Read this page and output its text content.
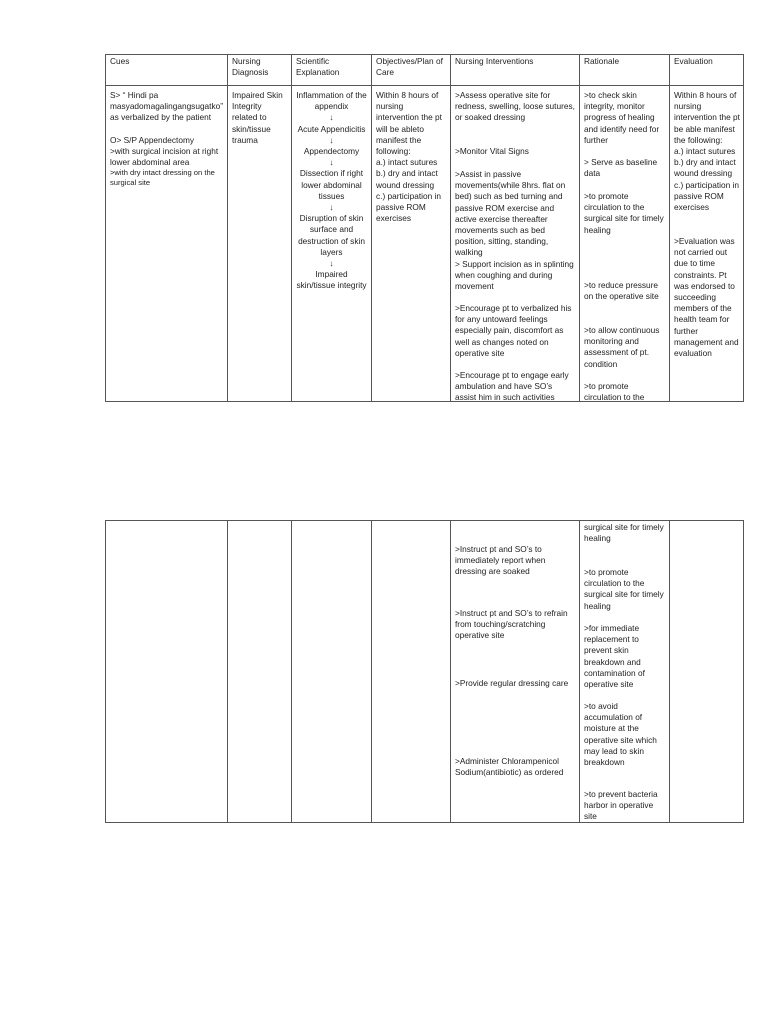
Cues
S> “ Hindi pa masyadomagalingangsugatko” as verbalized by the patient
O> S/P Appendectomy
>with surgical incision at right lower abdominal area
>with dry intact dressing on the surgical site
Nursing Diagnosis
Impaired Skin Integrity related to skin/tissue trauma
Scientific Explanation
Inflammation of the appendix
↓
Acute Appendicitis
↓
Appendectomy
↓
Dissection if right lower abdominal tissues
↓
Disruption of skin surface and destruction of skin layers
↓
Impaired skin/tissue integrity
Objectives/Plan of Care
Within 8 hours of nursing intervention the pt will be ableto manifest the following:
a.) intact sutures
b.) dry and intact wound dressing
c.) participation in passive ROM exercises
Nursing Interventions
>Assess operative site for redness, swelling, loose sutures, or soaked dressing
>Monitor Vital Signs
>Assist in passive movements(while 8hrs. flat on bed) such as bed turning and passive ROM exercise and active exercise thereafter movements such as bed position, sitting, standing, walking
> Support incision as in splinting when coughing and during movement
>Encourage pt to verbalized his for any untoward feelings especially pain, discomfort as well as changes noted on operative site
>Encourage pt to engage early ambulation and have SO’s assist him in such activities
Rationale
>to check skin integrity, monitor progress of healing and identify need for further
> Serve as baseline data
>to promote circulation to the surgical site for timely healing
>to reduce pressure on the operative site
>to allow continuous monitoring and assessment of pt. condition
>to promote circulation to the
Evaluation
Within 8 hours of nursing intervention the pt be able manifest the following:
a.) intact sutures
b.) dry and intact wound dressing
c.) participation in passive ROM exercises
>Evaluation was not carried out due to time constraints. Pt was endorsed to succeeding members of the health team for further management and evaluation
>Instruct pt and SO’s to immediately report when dressing are soaked
>Instruct pt and SO’s to refrain from touching/scratching operative site
>Provide regular dressing care
>Administer Chlorampenicol Sodium(antibiotic) as ordered
surgical site for timely healing
>to promote circulation to the surgical site for timely healing
>for immediate replacement to prevent skin breakdown and contamination of operative site
>to avoid accumulation of moisture at the operative site which may lead to skin breakdown
>to prevent bacteria harbor in operative site
